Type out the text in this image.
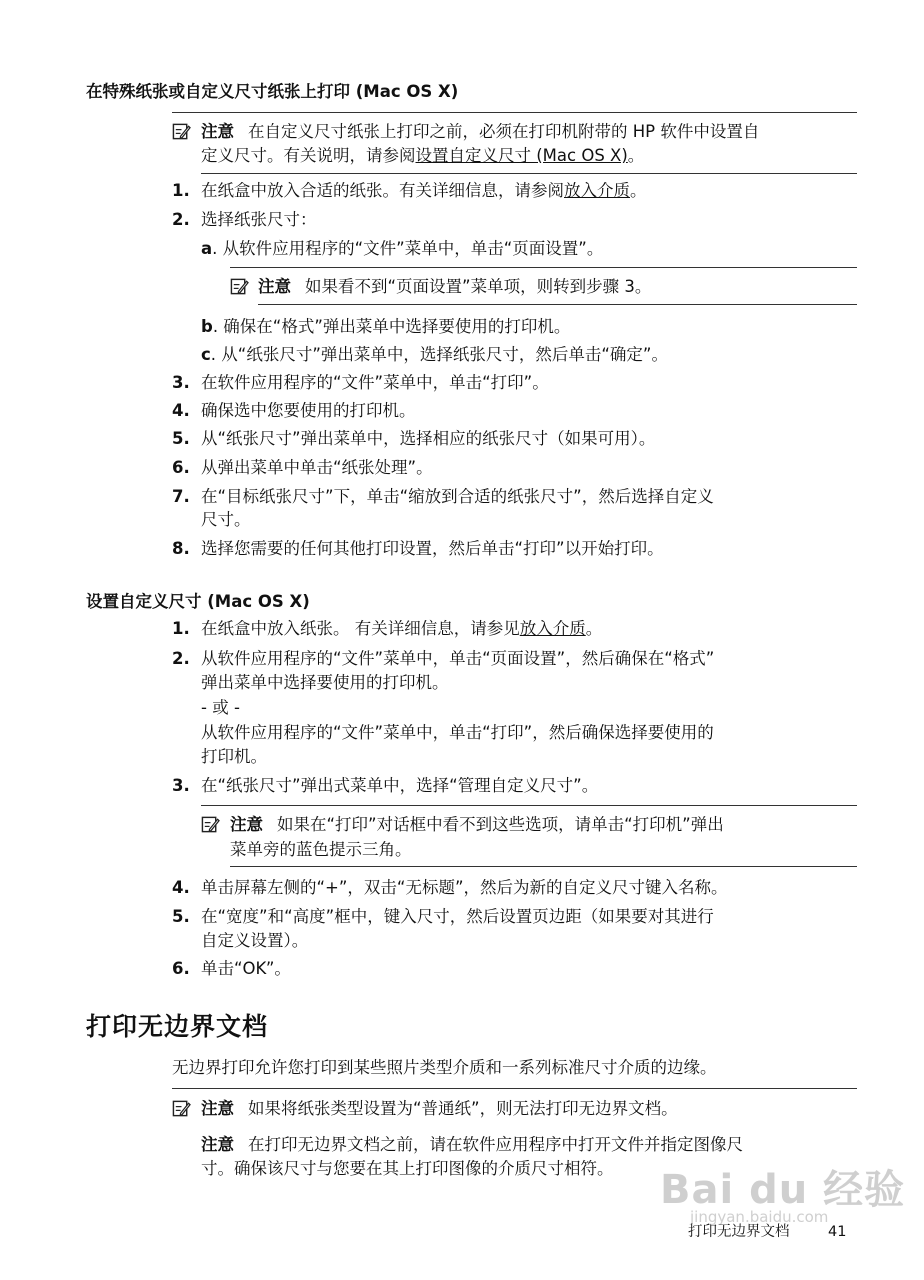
在特殊纸张或自定义尺寸纸张上打印 (Mac OS X)
注意 在自定义尺寸纸张上打印之前，必须在打印机附带的 HP 软件中设置自
定义尺寸。有关说明，请参阅设置自定义尺寸 (Mac OS X)。
1. 在纸盒中放入合适的纸张。有关详细信息，请参阅放入介质。
2. 选择纸张尺寸：
a. 从软件应用程序的“文件”菜单中，单击“页面设置”。
注意 如果看不到“页面设置”菜单项，则转到步骤 3。
b. 确保在“格式”弹出菜单中选择要使用的打印机。
c. 从“纸张尺寸”弹出菜单中，选择纸张尺寸，然后单击“确定”。
3. 在软件应用程序的“文件”菜单中，单击“打印”。
4. 确保选中您要使用的打印机。
5. 从“纸张尺寸”弹出菜单中，选择相应的纸张尺寸（如果可用）。
6. 从弹出菜单中单击“纸张处理”。
7. 在“目标纸张尺寸”下，单击“缩放到合适的纸张尺寸”，然后选择自定义
尺寸。
8. 选择您需要的任何其他打印设置，然后单击“打印”以开始打印。
设置自定义尺寸 (Mac OS X)
1. 在纸盒中放入纸张。 有关详细信息，请参见放入介质。
2. 从软件应用程序的“文件”菜单中，单击“页面设置”，然后确保在“格式”
弹出菜单中选择要使用的打印机。
- 或 -
从软件应用程序的“文件”菜单中，单击“打印”，然后确保选择要使用的
打印机。
3. 在“纸张尺寸”弹出式菜单中，选择“管理自定义尺寸”。
注意 如果在“打印”对话框中看不到这些选项，请单击“打印机”弹出
菜单旁的蓝色提示三角。
4. 单击屏幕左侧的“+”，双击“无标题”，然后为新的自定义尺寸键入名称。
5. 在“宽度”和“高度”框中，键入尺寸，然后设置页边距（如果要对其进行
自定义设置）。
6. 单击“OK”。
打印无边界文档
无边界打印允许您打印到某些照片类型介质和一系列标准尺寸介质的边缘。
注意 如果将纸张类型设置为“普通纸”，则无法打印无边界文档。
注意 在打印无边界文档之前，请在软件应用程序中打开文件并指定图像尺
寸。确保该尺寸与您要在其上打印图像的介质尺寸相符。 Bai du 经验
jingyan.baidu.com
打印无边界文档	41
